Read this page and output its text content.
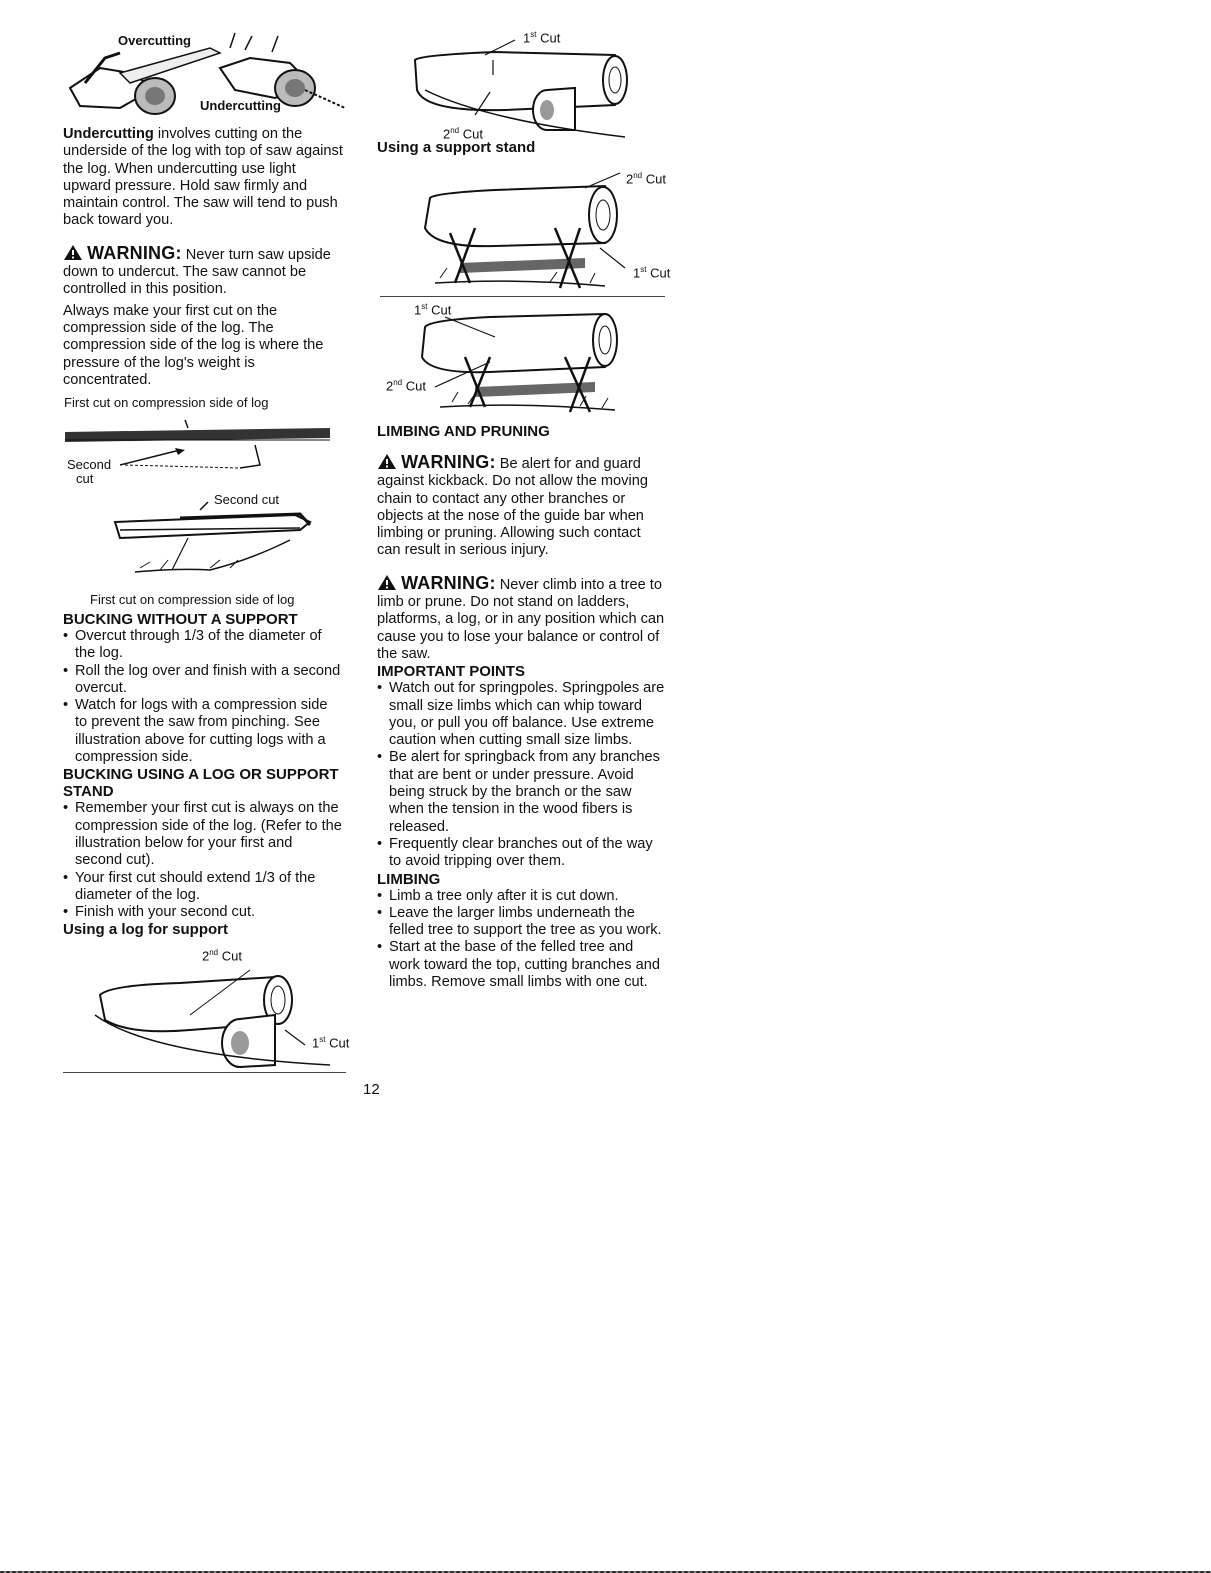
Overcutting
Undercutting

Undercutting involves cutting on the underside of the log with top of saw against the log. When undercutting use light upward pressure. Hold saw firmly and maintain control. The saw will tend to push back toward you.

WARNING: Never turn saw upside down to undercut. The saw cannot be controlled in this position.

Always make your first cut on the compression side of the log. The compression side of the log is where the pressure of the log's weight is concentrated.

First cut on compression side of log
Second
cut
Second cut
First cut on compression side of log

BUCKING WITHOUT A SUPPORT

• Overcut through 1/3 of the diameter of the log.
• Roll the log over and finish with a second overcut.
• Watch for logs with a compression side to prevent the saw from pinching. See illustration above for cutting logs with a compression side.

BUCKING USING A LOG OR SUPPORT STAND

• Remember your first cut is always on the compression side of the log. (Refer to the illustration below for your first and second cut).
• Your first cut should extend 1/3 of the diameter of the log.
• Finish with your second cut.

Using a log for support

2nd Cut
1st Cut
1st Cut
2nd Cut

Using a support stand

2nd Cut
1st Cut
1st Cut
2nd Cut

LIMBING AND PRUNING

WARNING: Be alert for and guard against kickback. Do not allow the moving chain to contact any other branches or objects at the nose of the guide bar when limbing or pruning. Allowing such contact can result in serious injury.

WARNING: Never climb into a tree to limb or prune. Do not stand on ladders, platforms, a log, or in any position which can cause you to lose your balance or control of the saw.

IMPORTANT POINTS

• Watch out for springpoles. Springpoles are small size limbs which can whip toward you, or pull you off balance. Use extreme caution when cutting small size limbs.
• Be alert for springback from any branches that are bent or under pressure. Avoid being struck by the branch or the saw when the tension in the wood fibers is released.
• Frequently clear branches out of the way to avoid tripping over them.

LIMBING

• Limb a tree only after it is cut down.
• Leave the larger limbs underneath the felled tree to support the tree as you work.
• Start at the base of the felled tree and work toward the top, cutting branches and limbs. Remove small limbs with one cut.
12
